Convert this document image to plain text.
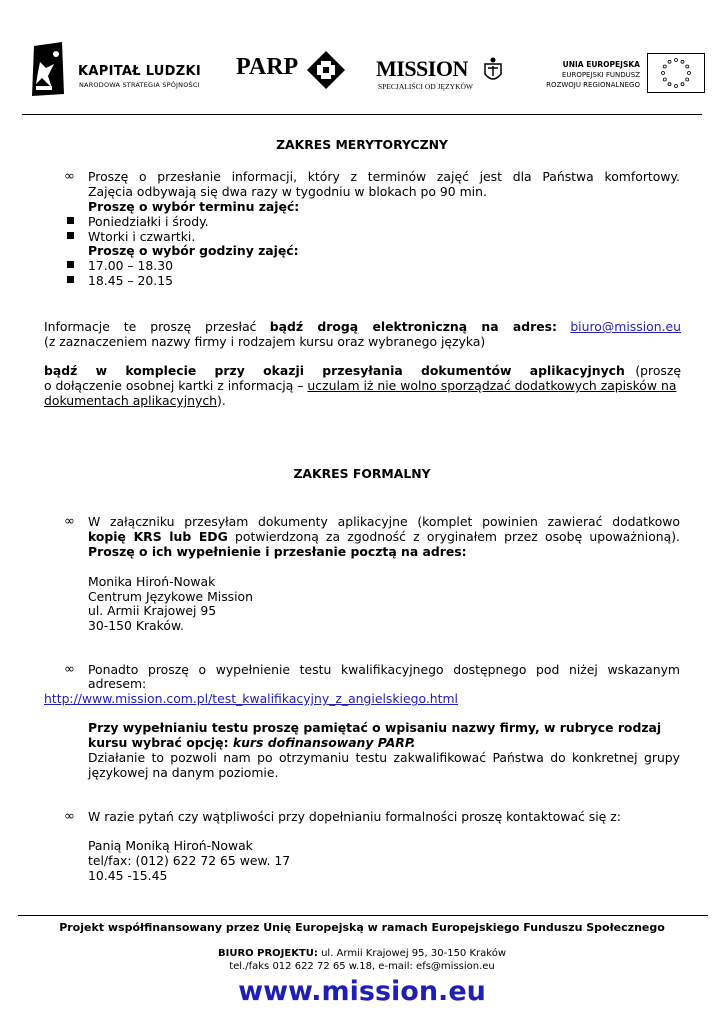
KAPITAŁ LUDZKI
NARODOWA STRATEGIA SPÓJNOŚCI
PARP	MISSION
SPECJALIŚCI OD JĘZYKÓW
UNIA EUROPEJSKA
EUROPEJSKI FUNDUSZ
ROZWOJU REGIONALNEGO
ZAKRES MERYTORYCZNY
∞ Proszę o przesłanie informacji, który z terminów zajęć jest dla Państwa komfortowy.
Zajęcia odbywają się dwa razy w tygodniu w blokach po 90 min.
Proszę o wybór terminu zajęć:
Poniedziałki i środy.
Wtorki i czwartki.
Proszę o wybór godziny zajęć:
17.00 – 18.30
18.45 – 20.15
Informacje te proszę przesłać bądź drogą elektroniczną na adres: biuro@mission.eu
(z zaznaczeniem nazwy firmy i rodzajem kursu oraz wybranego języka)
bądź w komplecie przy okazji przesyłania dokumentów aplikacyjnych (proszę
o dołączenie osobnej kartki z informacją – uczulam iż nie wolno sporządzać dodatkowych zapisków na
dokumentach aplikacyjnych).
ZAKRES FORMALNY
∞ W załączniku przesyłam dokumenty aplikacyjne (komplet powinien zawierać dodatkowo
kopię KRS lub EDG potwierdzoną za zgodność z oryginałem przez osobę upoważnioną).
Proszę o ich wypełnienie i przesłanie pocztą na adres:
Monika Hiroń-Nowak
Centrum Językowe Mission
ul. Armii Krajowej 95
30-150 Kraków.
∞ Ponadto proszę o wypełnienie testu kwalifikacyjnego dostępnego pod niżej wskazanym
adresem:
http://www.mission.com.pl/test_kwalifikacyjny_z_angielskiego.html
Przy wypełnianiu testu proszę pamiętać o wpisaniu nazwy firmy, w rubryce rodzaj
kursu wybrać opcję: kurs dofinansowany PARP.
Działanie to pozwoli nam po otrzymaniu testu zakwalifikować Państwa do konkretnej grupy
językowej na danym poziomie.
∞ W razie pytań czy wątpliwości przy dopełnianiu formalności proszę kontaktować się z:
Panią Moniką Hiroń-Nowak
tel/fax: (012) 622 72 65 wew. 17
10.45 -15.45
Projekt współfinansowany przez Unię Europejską w ramach Europejskiego Funduszu Społecznego
BIURO PROJEKTU: ul. Armii Krajowej 95, 30-150 Kraków
tel./faks 012 622 72 65 w.18, e-mail: efs@mission.eu
www.mission.eu
